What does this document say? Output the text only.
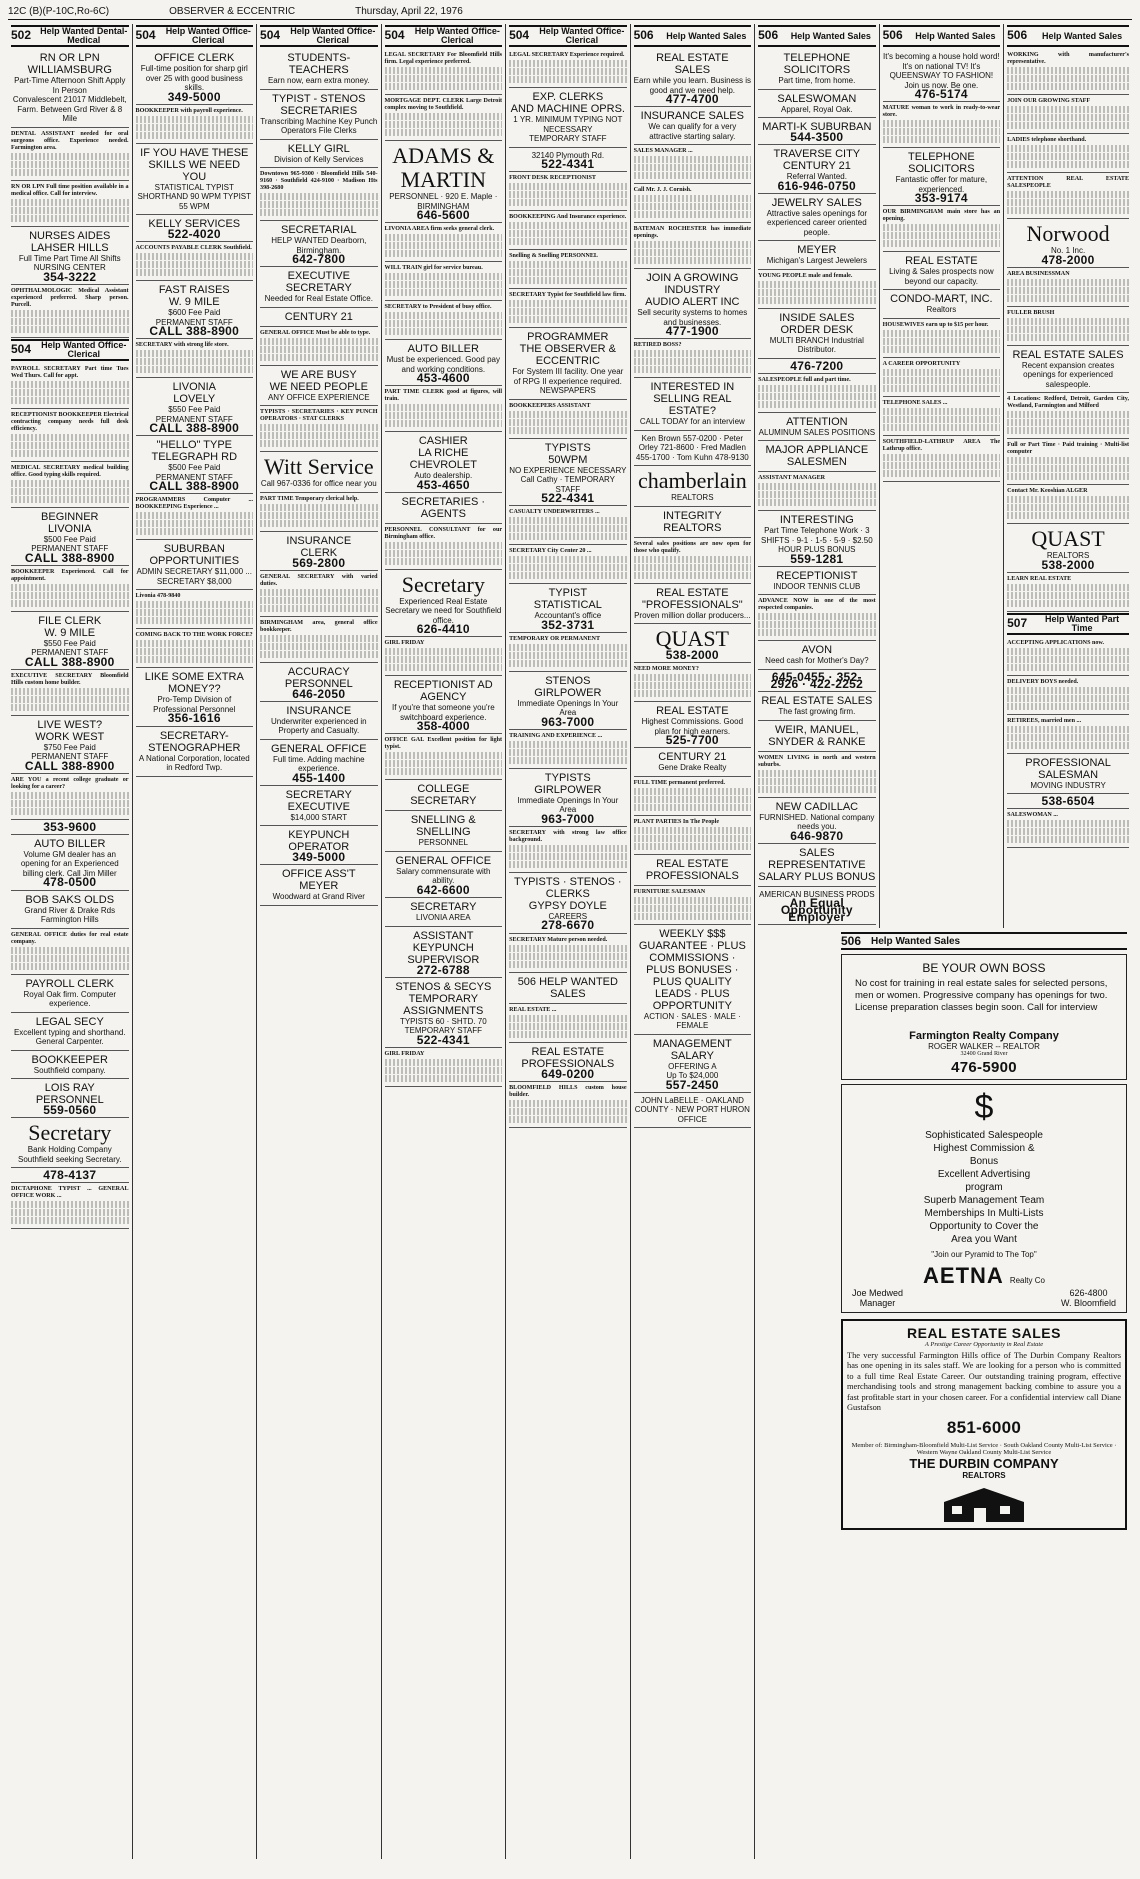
12C (B)(P-10C,Ro-6C)	OBSERVER & ECCENTRIC	Thursday, April 22, 1976
502	Help Wanted Dental-Medical
RN OR LPN
WILLIAMSBURG
Part-Time Afternoon Shift Apply In Person
Convalescent 21017 Middlebelt, Farm. Between Grd River & 8 Mile
DENTAL ASSISTANT needed for oral surgeons office. Experience needed. Farmington area.
RN OR LPN Full time position available in a medical office. Call for interview.
NURSES AIDES
LAHSER HILLS
Full Time Part Time All Shifts
NURSING CENTER
354-3222
OPHTHALMOLOGIC Medical Assistant experienced preferred. Sharp person. Purcell.
504	Help Wanted Office-Clerical
PAYROLL SECRETARY Part time Tues Wed Thurs. Call for appt.
RECEPTIONIST BOOKKEEPER Electrical contracting company needs full desk efficiency.
MEDICAL SECRETARY medical building office. Good typing skills required.
BEGINNER
LIVONIA
$500 Fee Paid
PERMANENT STAFF
CALL 388-8900
BOOKKEEPER Experienced. Call for appointment.
FILE CLERK
W. 9 MILE
$550 Fee Paid
PERMANENT STAFF
CALL 388-8900
EXECUTIVE SECRETARY Bloomfield Hills custom home builder.
LIVE WEST?
WORK WEST
$750 Fee Paid
PERMANENT STAFF
CALL 388-8900
ARE YOU a recent college graduate or looking for a career?
353-9600
AUTO BILLER
Volume GM dealer has an opening for an Experienced billing clerk. Call Jim Miller
478-0500
BOB SAKS OLDS
Grand River & Drake Rds Farmington Hills
GENERAL OFFICE duties for real estate company.
PAYROLL CLERK
Royal Oak firm. Computer experience.
LEGAL SECY
Excellent typing and shorthand. General Carpenter.
BOOKKEEPER
Southfield company.
LOIS RAY PERSONNEL
559-0560
Secretary
Bank Holding Company Southfield seeking Secretary.
478-4137
DICTAPHONE TYPIST ... GENERAL OFFICE WORK ...
504	Help Wanted Office-Clerical
OFFICE CLERK
Full-time position for sharp girl over 25 with good business skills.
349-5000
BOOKKEEPER with payroll experience.
IF YOU HAVE THESE SKILLS WE NEED YOU
STATISTICAL TYPIST SHORTHAND 90 WPM TYPIST 55 WPM
KELLY SERVICES
522-4020
ACCOUNTS PAYABLE CLERK Southfield.
FAST RAISES
W. 9 MILE
$600 Fee Paid
PERMANENT STAFF
CALL 388-8900
SECRETARY with strong life store.
LIVONIA
LOVELY
$550 Fee Paid
PERMANENT STAFF
CALL 388-8900
"HELLO" TYPE
TELEGRAPH RD
$500 Fee Paid
PERMANENT STAFF
CALL 388-8900
PROGRAMMERS Computer ... BOOKKEEPING Experience ...
SUBURBAN
OPPORTUNITIES
ADMIN SECRETARY $11,000 ... SECRETARY $8,000
Livonia 478-9840
COMING BACK TO THE WORK FORCE?
LIKE SOME EXTRA MONEY??
Pro-Temp Division of Professional Personnel
356-1616
SECRETARY-
STENOGRAPHER
A National Corporation, located in Redford Twp.
504	Help Wanted Office-Clerical
STUDENTS-TEACHERS
Earn now, earn extra money.
TYPIST - STENOS
SECRETARIES
Transcribing Machine Key Punch Operators File Clerks
KELLY GIRL
Division of Kelly Services
Downtown 965-9300 · Bloomfield Hills 540-9160 · Southfield 424-9100 · Madison Hts 398-2680
SECRETARIAL
HELP WANTED Dearborn, Birmingham.
642-7800
EXECUTIVE SECRETARY
Needed for Real Estate Office.
CENTURY 21
GENERAL OFFICE Must be able to type.
WE ARE BUSY
WE NEED PEOPLE
ANY OFFICE EXPERIENCE
TYPISTS · SECRETARIES · KEY PUNCH OPERATORS · STAT CLERKS
Witt Service
Call 967-0336 for office near you
PART TIME Temporary clerical help.
INSURANCE
CLERK
569-2800
GENERAL SECRETARY with varied duties.
BIRMINGHAM area, general office bookkeeper.
ACCURACY PERSONNEL
646-2050
INSURANCE
Underwriter experienced in Property and Casualty.
GENERAL OFFICE
Full time. Adding machine experience.
455-1400
SECRETARY
EXECUTIVE
$14,000 START
KEYPUNCH
OPERATOR
349-5000
OFFICE ASS'T
MEYER
Woodward at Grand River
504	Help Wanted Office-Clerical
LEGAL SECRETARY For Bloomfield Hills firm. Legal experience preferred.
MORTGAGE DEPT. CLERK Large Detroit complex moving to Southfield.
ADAMS & MARTIN
PERSONNEL · 920 E. Maple · BIRMINGHAM
646-5600
LIVONIA AREA firm seeks general clerk.
WILL TRAIN girl for service bureau.
SECRETARY to President of busy office.
AUTO BILLER
Must be experienced. Good pay and working conditions.
453-4600
PART TIME CLERK good at figures, will train.
CASHIER
LA RICHE CHEVROLET
Auto dealership.
453-4650
SECRETARIES · AGENTS
PERSONNEL CONSULTANT for our Birmingham office.
Secretary
Experienced Real Estate Secretary we need for Southfield office.
626-4410
GIRL FRIDAY
RECEPTIONIST AD AGENCY
If you're that someone you're switchboard experience.
358-4000
OFFICE GAL Excellent position for light typist.
COLLEGE SECRETARY
SNELLING & SNELLING
PERSONNEL
GENERAL OFFICE
Salary commensurate with ability.
642-6600
SECRETARY
LIVONIA AREA
ASSISTANT
KEYPUNCH SUPERVISOR
272-6788
STENOS & SECYS
TEMPORARY ASSIGNMENTS
TYPISTS 60 · SHTD. 70
TEMPORARY STAFF
522-4341
GIRL FRIDAY
504	Help Wanted Office-Clerical
LEGAL SECRETARY Experience required.
EXP. CLERKS
AND MACHINE OPRS.
1 YR. MINIMUM TYPING NOT NECESSARY
TEMPORARY STAFF
32140 Plymouth Rd.
522-4341
FRONT DESK RECEPTIONIST
BOOKKEEPING And Insurance experience.
Snelling & Snelling PERSONNEL
SECRETARY Typist for Southfield law firm.
PROGRAMMER
THE OBSERVER & ECCENTRIC
For System III facility. One year of RPG II experience required.
NEWSPAPERS
BOOKKEEPERS ASSISTANT
TYPISTS
50WPM
NO EXPERIENCE NECESSARY
Call Cathy · TEMPORARY STAFF
522-4341
CASUALTY UNDERWRITERS ...
SECRETARY City Center 20 ...
TYPIST
STATISTICAL
Accountant's office
352-3731
TEMPORARY OR PERMANENT
STENOS
GIRLPOWER
Immediate Openings In Your Area
963-7000
TRAINING AND EXPERIENCE ...
TYPISTS
GIRLPOWER
Immediate Openings In Your Area
963-7000
SECRETARY with strong law office background.
TYPISTS · STENOS · CLERKS
GYPSY DOYLE
CAREERS
278-6670
SECRETARY Mature person needed.
506 HELP WANTED SALES
REAL ESTATE ...
REAL ESTATE
PROFESSIONALS
649-0200
BLOOMFIELD HILLS custom house builder.
506	Help Wanted Sales
REAL ESTATE
SALES
Earn while you learn. Business is good and we need help.
477-4700
INSURANCE SALES
We can qualify for a very attractive starting salary.
SALES MANAGER ...
Call Mr. J. J. Cornish.
BATEMAN ROCHESTER has immediate openings.
JOIN A GROWING INDUSTRY
AUDIO ALERT INC
Sell security systems to homes and businesses.
477-1900
RETIRED BOSS?
INTERESTED IN
SELLING REAL ESTATE?
CALL TODAY for an interview
Ken Brown 557-0200 · Peter Orley 721-8600 · Fred Madlen 455-1700 · Tom Kuhn 478-9130
chamberlain
REALTORS
INTEGRITY
REALTORS
Several sales positions are now open for those who qualify.
REAL ESTATE
"PROFESSIONALS"
Proven million dollar producers...
QUAST
538-2000
NEED MORE MONEY?
REAL ESTATE
Highest Commissions. Good plan for high earners.
525-7700
CENTURY 21
Gene Drake Realty
FULL TIME permanent preferred.
PLANT PARTIES In The People
REAL ESTATE
PROFESSIONALS
FURNITURE SALESMAN
WEEKLY $$$
GUARANTEE · PLUS COMMISSIONS · PLUS BONUSES · PLUS QUALITY LEADS · PLUS OPPORTUNITY
ACTION · SALES · MALE · FEMALE
MANAGEMENT
SALARY
OFFERING A
Up To $24,000
557-2450
JOHN LaBELLE · OAKLAND COUNTY · NEW PORT HURON OFFICE
506	Help Wanted Sales
TELEPHONE SOLICITORS
Part time, from home.
SALESWOMAN
Apparel, Royal Oak.
MARTI-K SUBURBAN
544-3500
TRAVERSE CITY
CENTURY 21
Referral Wanted.
616-946-0750
JEWELRY SALES
Attractive sales openings for experienced career oriented people.
MEYER
Michigan's Largest Jewelers
YOUNG PEOPLE male and female.
INSIDE SALES
ORDER DESK
MULTI BRANCH Industrial Distributor.
476-7200
SALESPEOPLE full and part time.
ATTENTION
ALUMINUM SALES POSITIONS
MAJOR APPLIANCE
SALESMEN
ASSISTANT MANAGER
INTERESTING
Part Time Telephone Work · 3 SHIFTS · 9-1 · 1-5 · 5-9 · $2.50 HOUR PLUS BONUS
559-1281
RECEPTIONIST
INDOOR TENNIS CLUB
ADVANCE NOW in one of the most respected companies.
AVON
Need cash for Mother's Day?
645-0455 · 352-2926 · 422-2252
REAL ESTATE SALES
The fast growing firm.
WEIR, MANUEL,
SNYDER & RANKE
WOMEN LIVING in north and western suburbs.
NEW CADILLAC
FURNISHED. National company needs you.
646-9870
SALES REPRESENTATIVE
SALARY PLUS BONUS
AMERICAN BUSINESS PRODS
An Equal Opportunity Employer
506	Help Wanted Sales
It's becoming a house hold word! It's on national TV! It's QUEENSWAY TO FASHION! Join us now. Be one.
476-5174
MATURE woman to work in ready-to-wear store.
TELEPHONE
SOLICITORS
Fantastic offer for mature, experienced.
353-9174
OUR BIRMINGHAM main store has an opening.
REAL ESTATE
Living & Sales prospects now beyond our capacity.
CONDO-MART, INC.
Realtors
HOUSEWIVES earn up to $15 per hour.
A CAREER OPPORTUNITY
TELEPHONE SALES ...
SOUTHFIELD-LATHRUP AREA The Lathrup office.
506	Help Wanted Sales
WORKING with manufacturer's representative.
JOIN OUR GROWING STAFF
LADIES telephone shorthand.
ATTENTION REAL ESTATE SALESPEOPLE
Norwood
No. 1 Inc.
478-2000
AREA BUSINESSMAN
FULLER BRUSH
REAL ESTATE SALES
Recent expansion creates openings for experienced salespeople.
4 Locations: Redford, Detroit, Garden City, Westland, Farmington and Milford
Full or Part Time · Paid training · Multi-list computer
Contact Mr. Keoshian ALGER
QUAST
REALTORS
538-2000
LEARN REAL ESTATE
507	Help Wanted Part Time
ACCEPTING APPLICATIONS now.
DELIVERY BOYS needed.
RETIREES, married men ...
PROFESSIONAL SALESMAN
MOVING INDUSTRY
538-6504
SALESWOMAN ...
506 Help Wanted Sales
BE YOUR OWN BOSS
No cost for training in real estate sales for selected persons, men or women. Progressive company has openings for two. License preparation classes begin soon. Call for interview
Farmington Realty Company
ROGER WALKER -- REALTOR
32400 Grand River
476-5900
$
Sophisticated Salespeople
Highest Commission & Bonus
Excellent Advertising program
Superb Management Team
Memberships In Multi-Lists
Opportunity to Cover the Area you Want
"Join our Pyramid to The Top"
AETNA Realty Co
Joe Medwed
Manager
626-4800
W. Bloomfield
REAL ESTATE SALES
A Prestige Career Opportunity in Real Estate
The very successful Farmington Hills office of The Durbin Company Realtors has one opening in its sales staff. We are looking for a person who is committed to a full time Real Estate Career. Our outstanding training program, effective merchandising tools and strong management backing combine to assure you a fast profitable start in your chosen career. For a confidential interview call Diane Gustafson
851-6000
Member of: Birmingham-Bloomfield Multi-List Service · South Oakland County Multi-List Service · Western Wayne Oakland County Multi-List Service
THE DURBIN COMPANY
REALTORS
